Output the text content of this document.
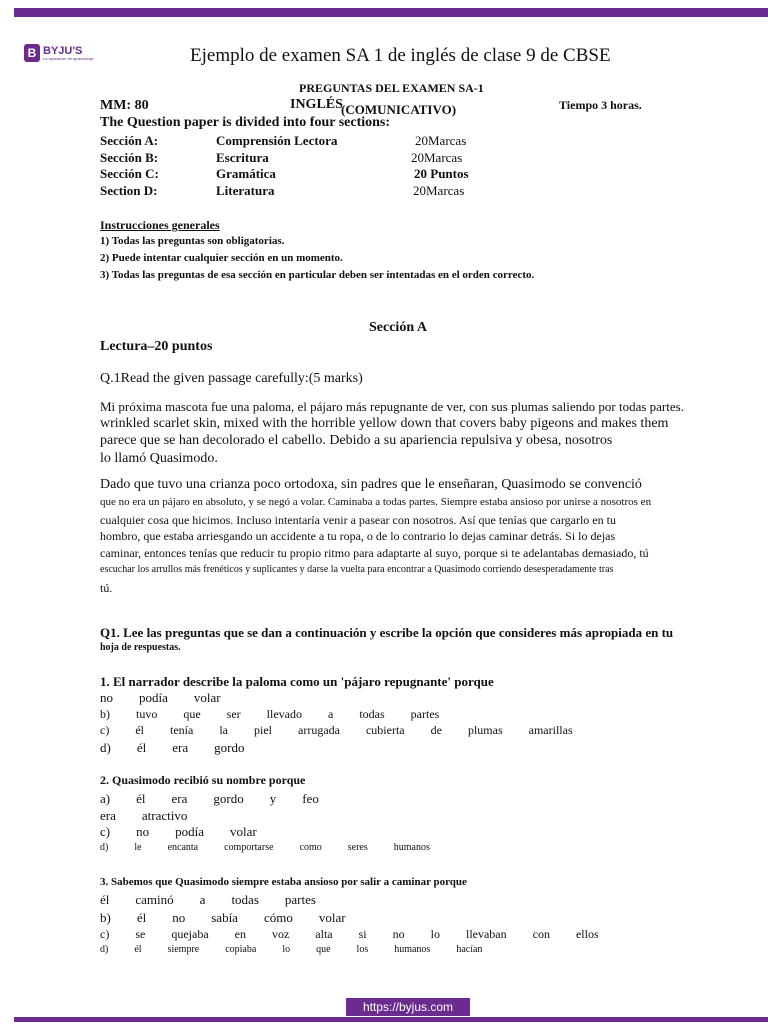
B BYJU'S
La aplicación de aprendizaje	Ejemplo de examen SA 1 de inglés de clase 9 de CBSE
PREGUNTAS DEL EXAMEN SA-1
MM: 80	INGLÉS
(COMUNICATIVO)	Tiempo 3 horas.
The Question paper is divided into four sections:
Sección A:	Comprensión Lectora	20Marcas
Sección B:	Escritura	20Marcas
Sección C:	Gramática	20 Puntos
Section D:	Literatura	20Marcas
Instrucciones generales
1) Todas las preguntas son obligatorias.
2) Puede intentar cualquier sección en un momento.
3) Todas las preguntas de esa sección en particular deben ser intentadas en el orden correcto.
Sección A
Lectura–20 puntos
Q.1Read the given passage carefully:(5 marks)
Mi próxima mascota fue una paloma, el pájaro más repugnante de ver, con sus plumas saliendo por todas partes.
wrinkled scarlet skin, mixed with the horrible yellow down that covers baby pigeons and makes them
parece que se han decolorado el cabello. Debido a su apariencia repulsiva y obesa, nosotros
lo llamó Quasimodo.
Dado que tuvo una crianza poco ortodoxa, sin padres que le enseñaran, Quasimodo se convenció
que no era un pájaro en absoluto, y se negó a volar. Caminaba a todas partes. Siempre estaba ansioso por unirse a nosotros en
cualquier cosa que hicimos. Incluso intentaría venir a pasear con nosotros. Así que tenías que cargarlo en tu
hombro, que estaba arriesgando un accidente a tu ropa, o de lo contrario lo dejas caminar detrás. Si lo dejas
caminar, entonces tenías que reducir tu propio ritmo para adaptarte al suyo, porque si te adelantabas demasiado, tú
escuchar los arrullos más frenéticos y suplicantes y darse la vuelta para encontrar a Quasimodo corriendo desesperadamente tras
tú.
Q1. Lee las preguntas que se dan a continuación y escribe la opción que consideres más apropiada en tu
hoja de respuestas.
1. El narrador describe la paloma como un 'pájaro repugnante' porque
no podía volar
b) tuvo que ser llevado a todas partes
c) él tenía la piel arrugada cubierta de plumas amarillas
d) él era gordo
2. Quasimodo recibió su nombre porque
a) él era gordo y feo
era atractivo
c) no podía volar
d)	le	encanta	comportarse	como	seres	humanos
3. Sabemos que Quasimodo siempre estaba ansioso por salir a caminar porque
él caminó a todas partes
b) él no sabía cómo volar
c) se quejaba en voz alta si no lo llevaban con ellos
d)	él	siempre	copiaba	lo	que	los	humanos	hacían
https://byjus.com
